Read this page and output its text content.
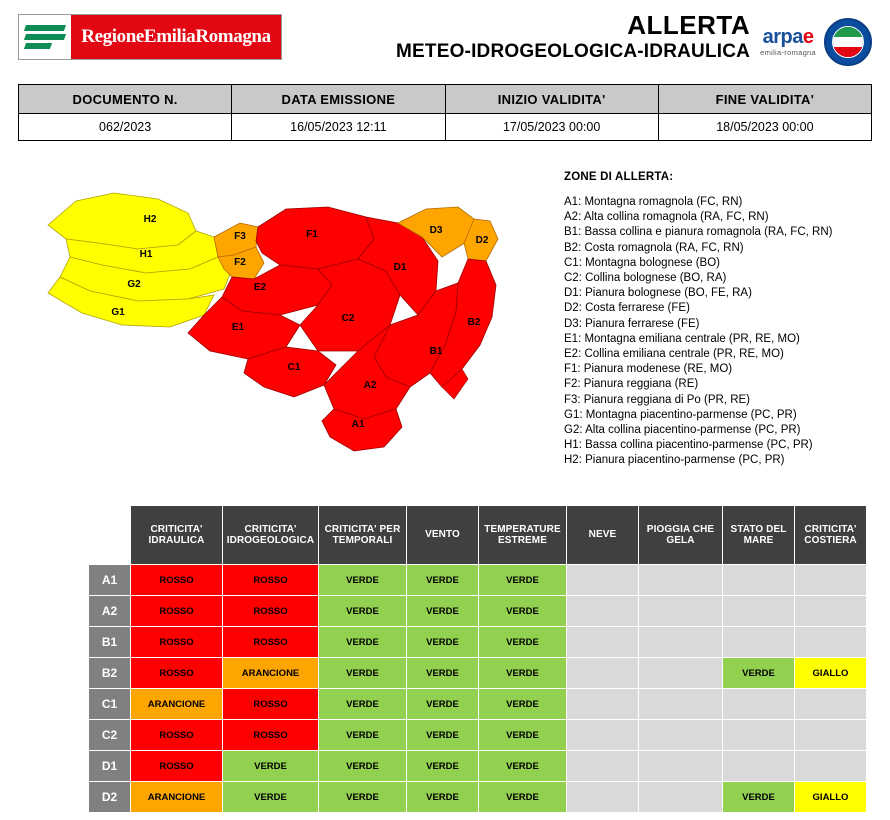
RegioneEmiliaRomagna	ALLERTA
METEO-IDROGEOLOGICA-IDRAULICA
arpae
emilia-romagna
DOCUMENTO N.	DATA EMISSIONE	INIZIO VALIDITA'	FINE VALIDITA'
062/2023	16/05/2023 12:11	17/05/2023 00:00	18/05/2023 00:00
H2
H1
G2
G1
F3
F2
F1
E2
E1
C1
C2
D1
D3
D2
B2
B1
A2
A1
ZONE DI ALLERTA:
A1: Montagna romagnola (FC, RN)
A2: Alta collina romagnola (RA, FC, RN)
B1: Bassa collina e pianura romagnola (RA, FC, RN)
B2: Costa romagnola (RA, FC, RN)
C1: Montagna bolognese (BO)
C2: Collina bolognese (BO, RA)
D1: Pianura bolognese (BO, FE, RA)
D2: Costa ferrarese (FE)
D3: Pianura ferrarese (FE)
E1: Montagna emiliana centrale (PR, RE, MO)
E2: Collina emiliana centrale (PR, RE, MO)
F1: Pianura modenese (RE, MO)
F2: Pianura reggiana (RE)
F3: Pianura reggiana di Po (PR, RE)
G1: Montagna piacentino-parmense (PC, PR)
G2: Alta collina piacentino-parmense (PC, PR)
H1: Bassa collina piacentino-parmense (PC, PR)
H2: Pianura piacentino-parmense (PC, PR)
	CRITICITA' IDRAULICA	CRITICITA' IDROGEOLOGICA	CRITICITA' PER TEMPORALI	VENTO	TEMPERATURE ESTREME	NEVE	PIOGGIA CHE GELA	STATO DEL MARE	CRITICITA' COSTIERA
A1	ROSSO	ROSSO	VERDE	VERDE	VERDE				
A2	ROSSO	ROSSO	VERDE	VERDE	VERDE				
B1	ROSSO	ROSSO	VERDE	VERDE	VERDE				
B2	ROSSO	ARANCIONE	VERDE	VERDE	VERDE			VERDE	GIALLO
C1	ARANCIONE	ROSSO	VERDE	VERDE	VERDE				
C2	ROSSO	ROSSO	VERDE	VERDE	VERDE				
D1	ROSSO	VERDE	VERDE	VERDE	VERDE				
D2	ARANCIONE	VERDE	VERDE	VERDE	VERDE			VERDE	GIALLO
